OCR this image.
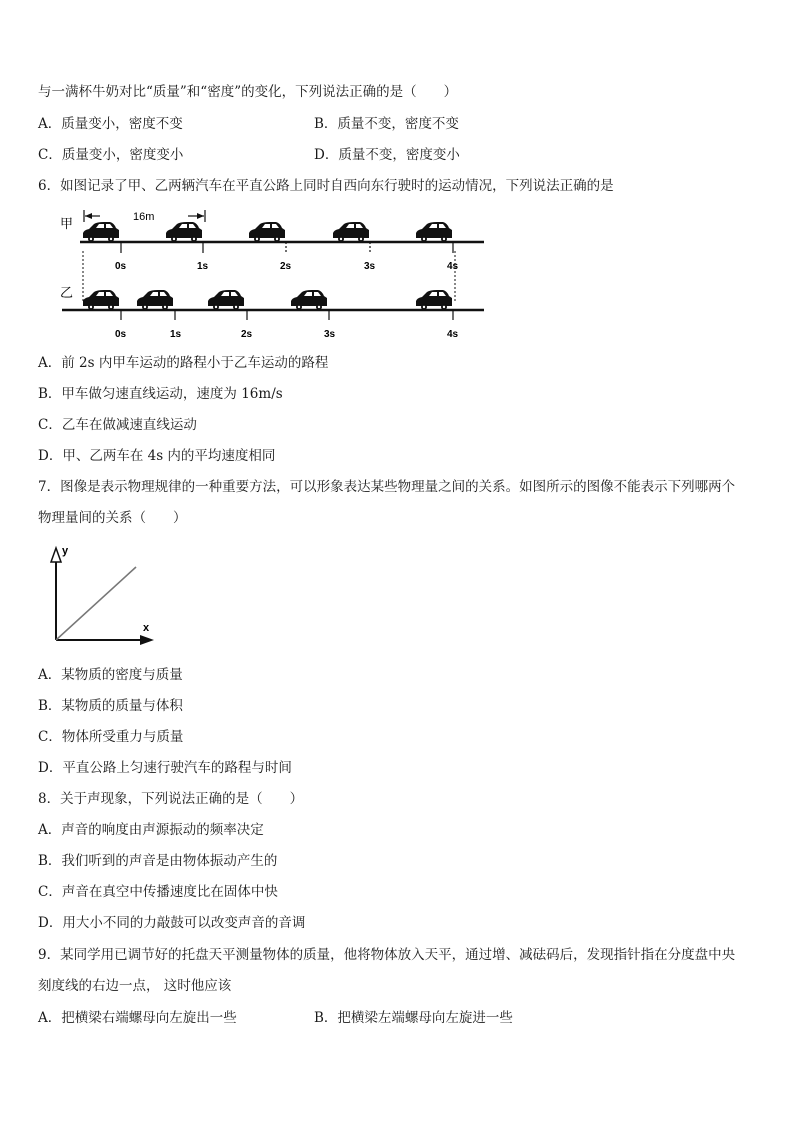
与一满杯牛奶对比“质量”和“密度”的变化，下列说法正确的是（　　）
A．质量变小，密度不变	B．质量不变，密度不变
C．质量变小，密度变小	D．质量不变，密度变小
6．如图记录了甲、乙两辆汽车在平直公路上同时自西向东行驶时的运动情况，下列说法正确的是
甲	16m
0s	1s	2s	3s	4s
乙
0s	1s	2s	3s	4s
A．前 2s 内甲车运动的路程小于乙车运动的路程
B．甲车做匀速直线运动，速度为 16m/s
C．乙车在做减速直线运动
D．甲、乙两车在 4s 内的平均速度相同
7．图像是表示物理规律的一种重要方法，可以形象表达某些物理量之间的关系。如图所示的图像不能表示下列哪两个
物理量间的关系（　　）
y
x
A．某物质的密度与质量
B．某物质的质量与体积
C．物体所受重力与质量
D．平直公路上匀速行驶汽车的路程与时间
8．关于声现象，下列说法正确的是（　　）
A．声音的响度由声源振动的频率决定
B．我们听到的声音是由物体振动产生的
C．声音在真空中传播速度比在固体中快
D．用大小不同的力敲鼓可以改变声音的音调
9．某同学用已调节好的托盘天平测量物体的质量，他将物体放入天平，通过增、减砝码后，发现指针指在分度盘中央
刻度线的右边一点， 这时他应该
A．把横梁右端螺母向左旋出一些	B．把横梁左端螺母向左旋进一些
